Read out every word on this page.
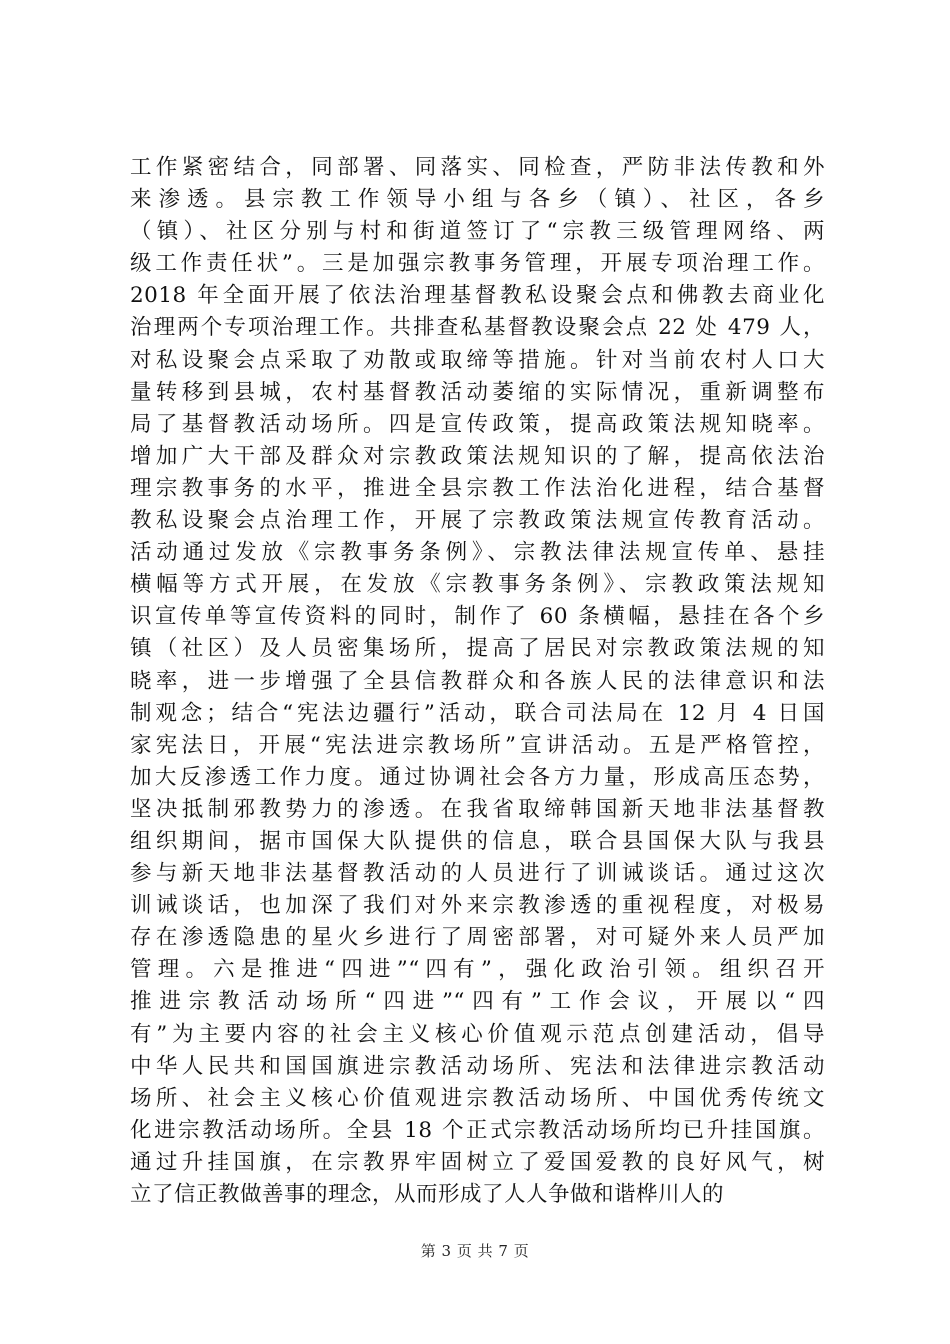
工作紧密结合，同部署、同落实、同检查，严防非法传教和外
来渗透。县宗教工作领导小组与各乡（镇）、社区，各乡
（镇）、社区分别与村和街道签订了“宗教三级管理网络、两
级工作责任状”。三是加强宗教事务管理，开展专项治理工作。
2018 年全面开展了依法治理基督教私设聚会点和佛教去商业化
治理两个专项治理工作。共排查私基督教设聚会点 22 处 479 人，
对私设聚会点采取了劝散或取缔等措施。针对当前农村人口大
量转移到县城，农村基督教活动萎缩的实际情况，重新调整布
局了基督教活动场所。四是宣传政策，提高政策法规知晓率。
增加广大干部及群众对宗教政策法规知识的了解，提高依法治
理宗教事务的水平，推进全县宗教工作法治化进程，结合基督
教私设聚会点治理工作，开展了宗教政策法规宣传教育活动。
活动通过发放《宗教事务条例》、宗教法律法规宣传单、悬挂
横幅等方式开展，在发放《宗教事务条例》、宗教政策法规知
识宣传单等宣传资料的同时，制作了 60 条横幅，悬挂在各个乡
镇（社区）及人员密集场所，提高了居民对宗教政策法规的知
晓率，进一步增强了全县信教群众和各族人民的法律意识和法
制观念；结合“宪法边疆行”活动，联合司法局在 12 月 4 日国
家宪法日，开展“宪法进宗教场所”宣讲活动。五是严格管控，
加大反渗透工作力度。通过协调社会各方力量，形成高压态势，
坚决抵制邪教势力的渗透。在我省取缔韩国新天地非法基督教
组织期间，据市国保大队提供的信息，联合县国保大队与我县
参与新天地非法基督教活动的人员进行了训诫谈话。通过这次
训诫谈话，也加深了我们对外来宗教渗透的重视程度，对极易
存在渗透隐患的星火乡进行了周密部署，对可疑外来人员严加
管理。六是推进“四进”“四有”，强化政治引领。组织召开
推进宗教活动场所“四进”“四有”工作会议，开展以“四
有”为主要内容的社会主义核心价值观示范点创建活动，倡导
中华人民共和国国旗进宗教活动场所、宪法和法律进宗教活动
场所、社会主义核心价值观进宗教活动场所、中国优秀传统文
化进宗教活动场所。全县 18 个正式宗教活动场所均已升挂国旗。
通过升挂国旗，在宗教界牢固树立了爱国爱教的良好风气，树
立了信正教做善事的理念，从而形成了人人争做和谐桦川人的
第 3 页 共 7 页
